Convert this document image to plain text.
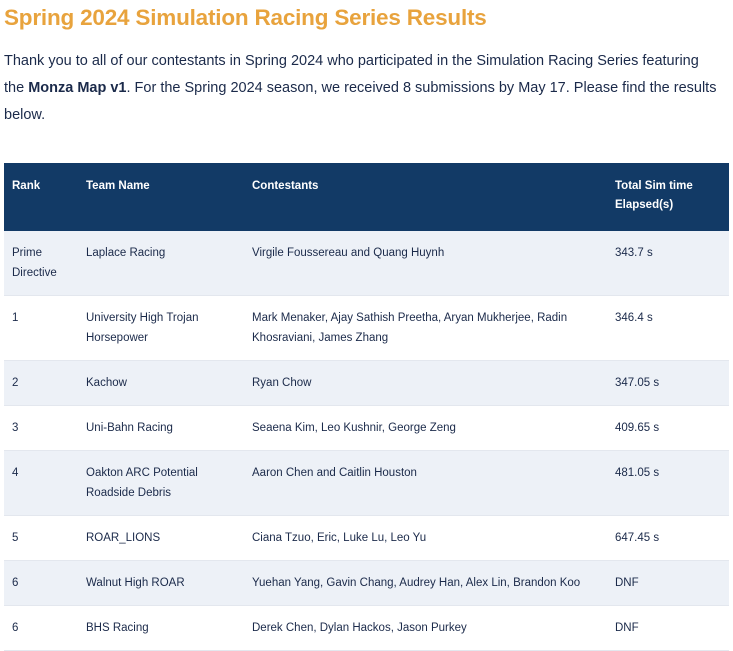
Spring 2024 Simulation Racing Series Results

Thank you to all of our contestants in Spring 2024 who participated in the Simulation Racing Series featuring the Monza Map v1. For the Spring 2024 season, we received 8 submissions by May 17. Please find the results below.

Rank	Team Name	Contestants	Total Sim time
Elapsed(s)

Prime Directive	Laplace Racing	Virgile Foussereau and Quang Huynh	343.7 s
1	University High Trojan Horsepower	Mark Menaker, Ajay Sathish Preetha, Aryan Mukherjee, Radin Khosraviani, James Zhang	346.4 s
2	Kachow	Ryan Chow	347.05 s
3	Uni-Bahn Racing	Seaena Kim, Leo Kushnir, George Zeng	409.65 s
4	Oakton ARC Potential Roadside Debris	Aaron Chen and Caitlin Houston	481.05 s
5	ROAR_LIONS	Ciana Tzuo, Eric, Luke Lu, Leo Yu	647.45 s
6	Walnut High ROAR	Yuehan Yang, Gavin Chang, Audrey Han, Alex Lin, Brandon Koo	DNF
6	BHS Racing	Derek Chen, Dylan Hackos, Jason Purkey	DNF
